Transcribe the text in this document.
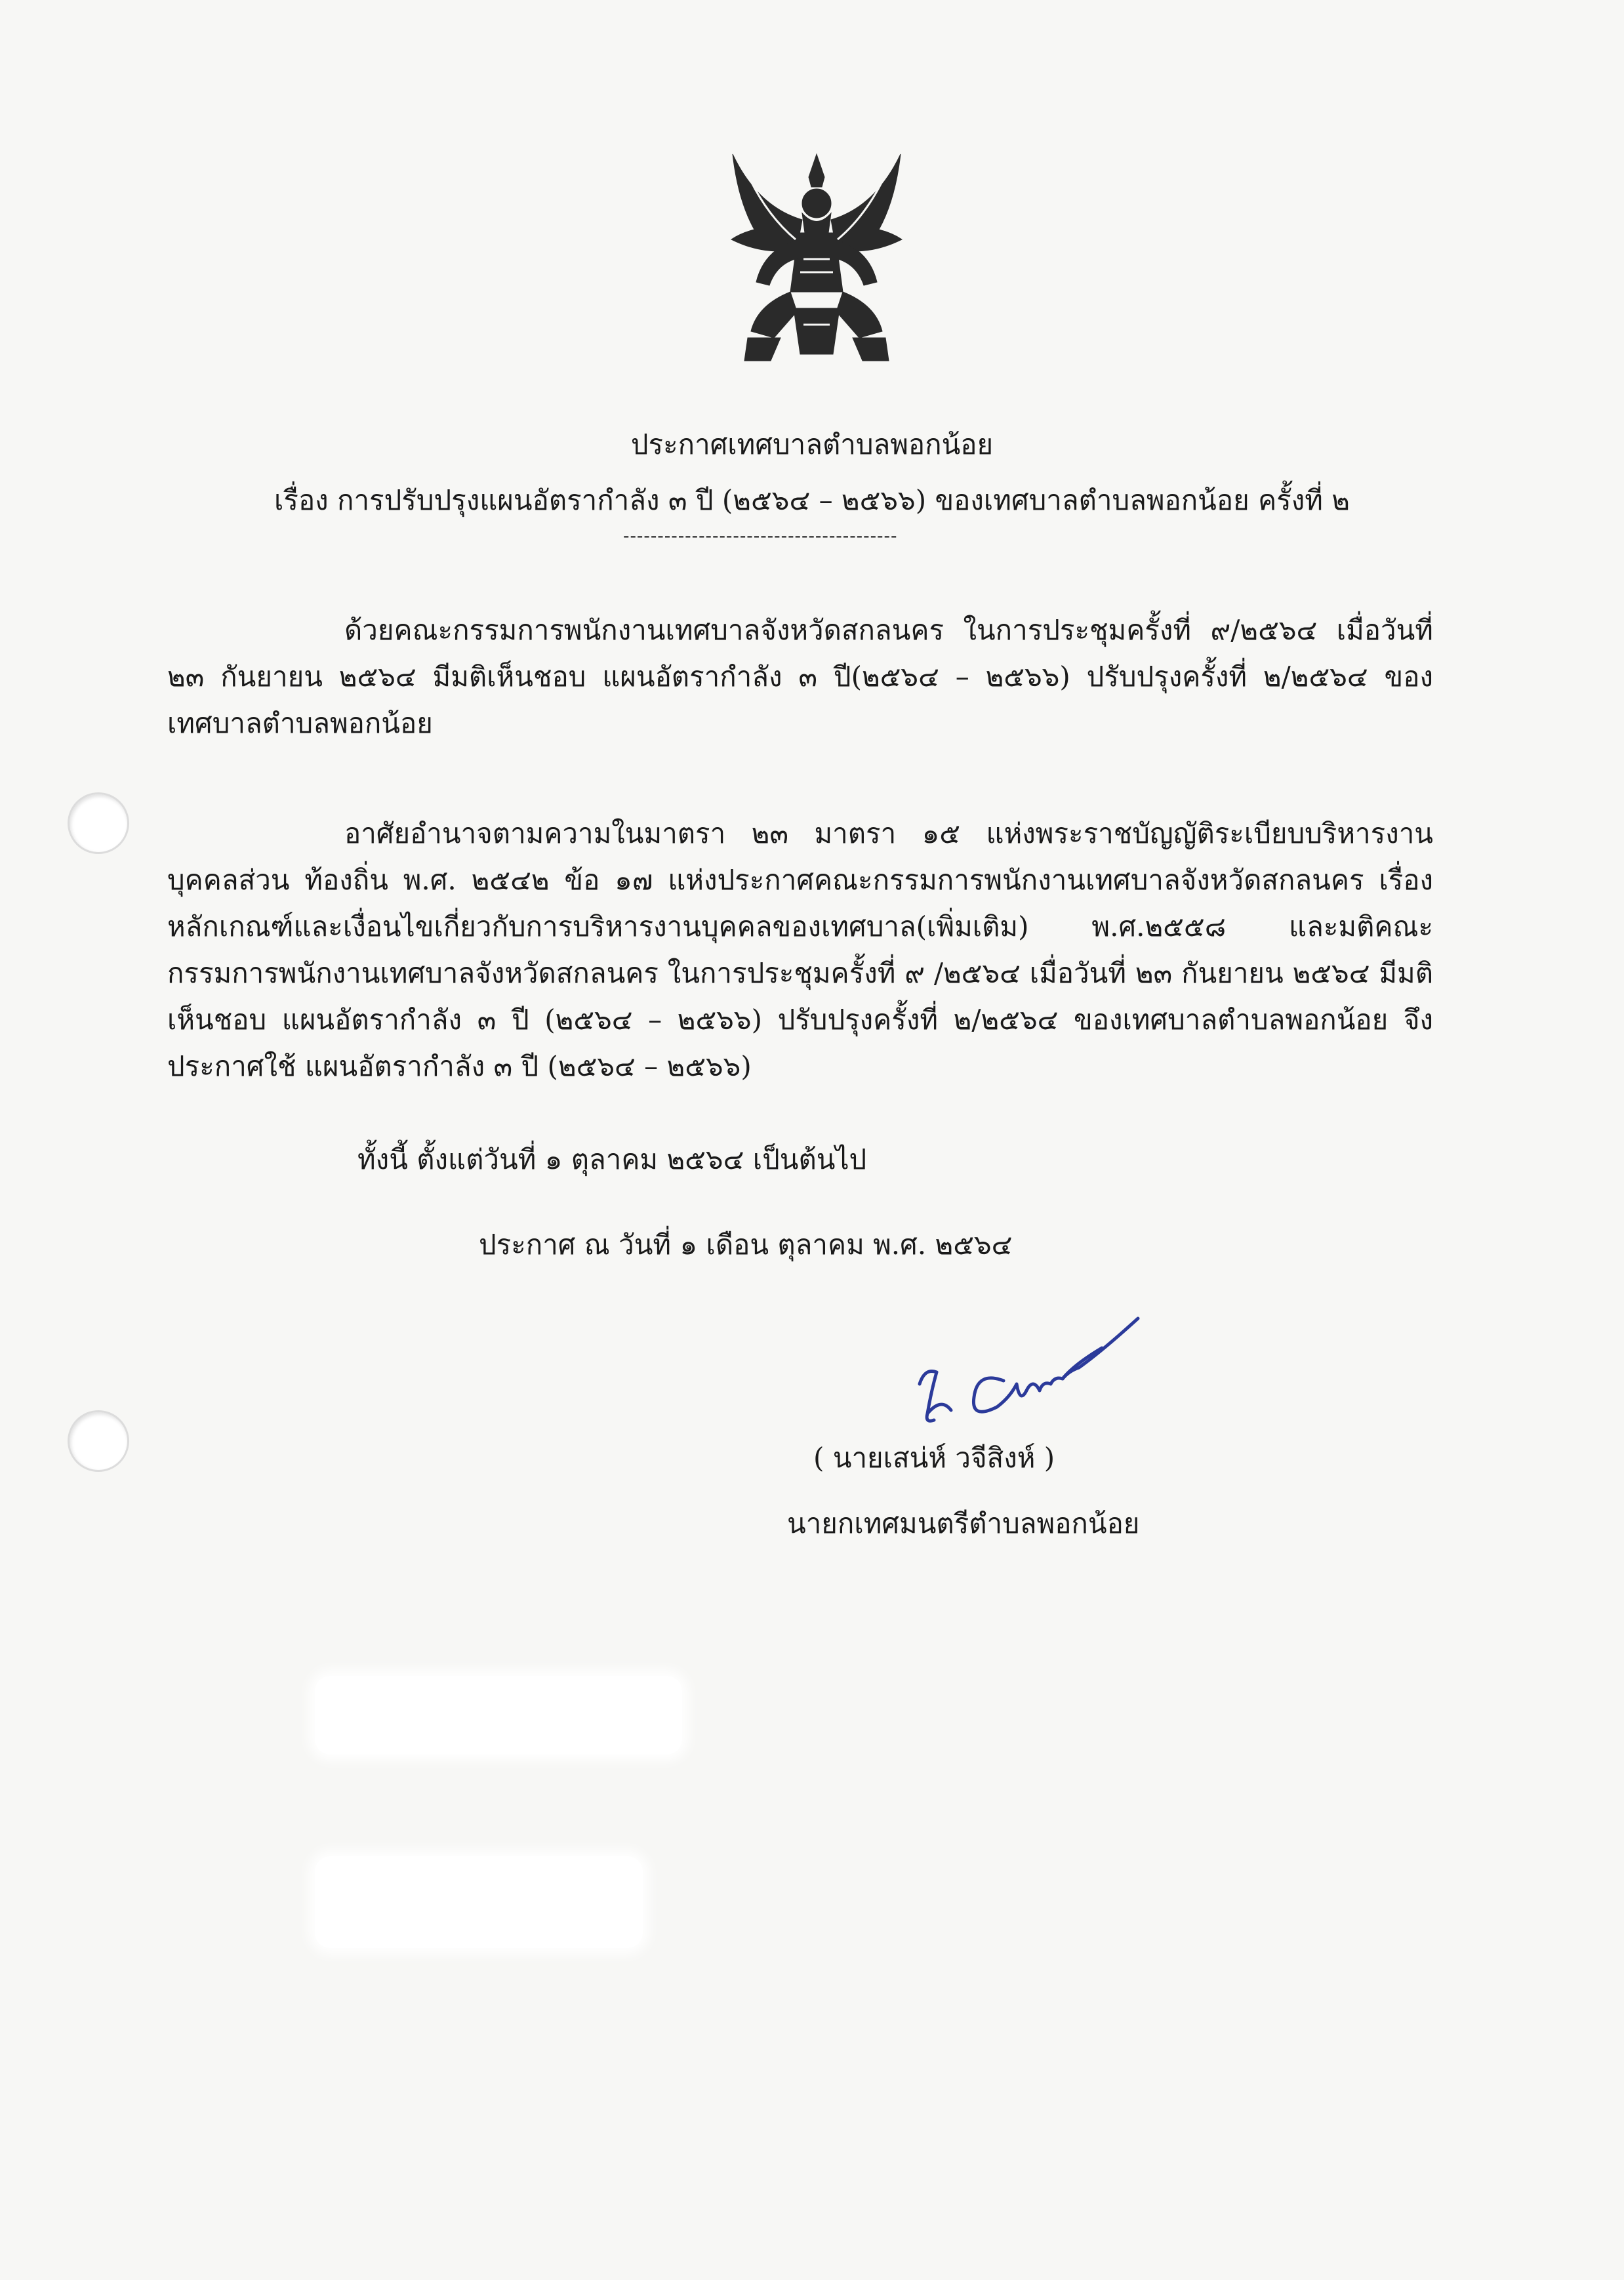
ประกาศเทศบาลตำบลพอกน้อย
เรื่อง การปรับปรุงแผนอัตรากำลัง ๓ ปี (๒๕๖๔ – ๒๕๖๖) ของเทศบาลตำบลพอกน้อย ครั้งที่ ๒
----------------------------------------

ด้วยคณะกรรมการพนักงานเทศบาลจังหวัดสกลนคร ในการประชุมครั้งที่ ๙/๒๕๖๔ เมื่อวันที่ ๒๓ กันยายน ๒๕๖๔ มีมติเห็นชอบ แผนอัตรากำลัง ๓ ปี(๒๕๖๔ – ๒๕๖๖) ปรับปรุงครั้งที่ ๒/๒๕๖๔ ของเทศบาลตำบลพอกน้อย

อาศัยอำนาจตามความในมาตรา ๒๓ มาตรา ๑๕ แห่งพระราชบัญญัติระเบียบบริหารงานบุคคลส่วน ท้องถิ่น พ.ศ. ๒๕๔๒ ข้อ ๑๗ แห่งประกาศคณะกรรมการพนักงานเทศบาลจังหวัดสกลนคร เรื่อง หลักเกณฑ์และเงื่อนไขเกี่ยวกับการบริหารงานบุคคลของเทศบาล(เพิ่มเติม) พ.ศ.๒๕๕๘ และมติคณะกรรมการพนักงานเทศบาลจังหวัดสกลนคร ในการประชุมครั้งที่ ๙ /๒๕๖๔ เมื่อวันที่ ๒๓ กันยายน ๒๕๖๔ มีมติเห็นชอบ แผนอัตรากำลัง ๓ ปี (๒๕๖๔ – ๒๕๖๖) ปรับปรุงครั้งที่ ๒/๒๕๖๔ ของเทศบาลตำบลพอกน้อย จึงประกาศใช้ แผนอัตรากำลัง ๓ ปี (๒๕๖๔ – ๒๕๖๖)

ทั้งนี้ ตั้งแต่วันที่ ๑ ตุลาคม ๒๕๖๔ เป็นต้นไป
ประกาศ ณ วันที่ ๑ เดือน ตุลาคม พ.ศ. ๒๕๖๔
( นายเสน่ห์ วจีสิงห์ )
นายกเทศมนตรีตำบลพอกน้อย
